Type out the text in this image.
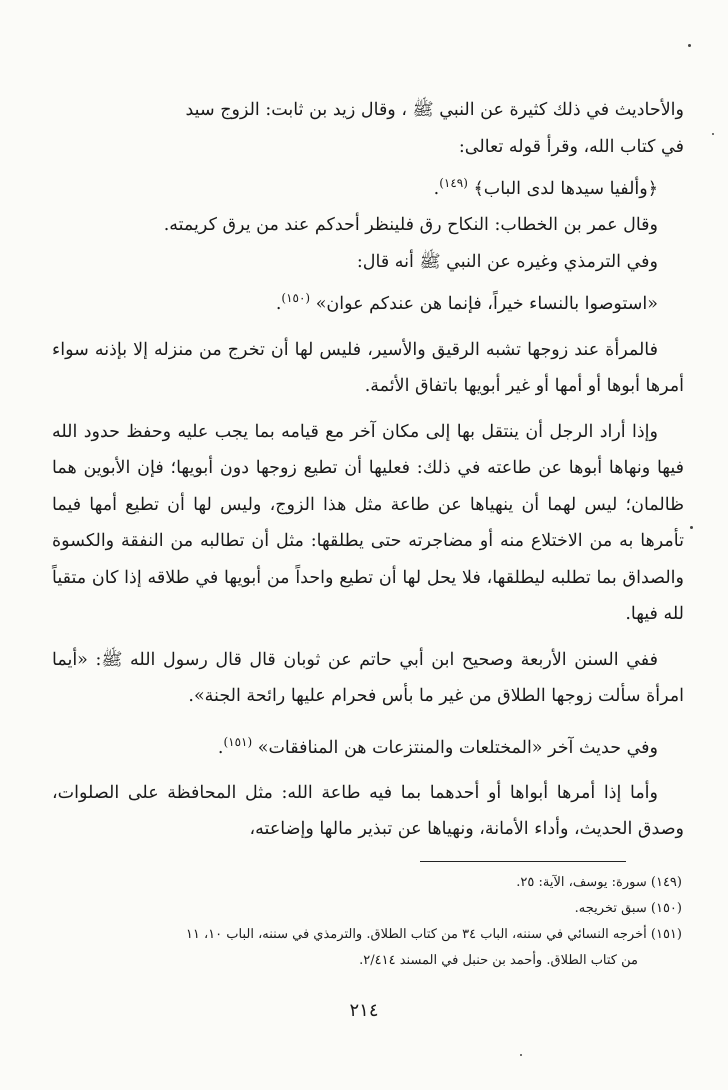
والأحاديث في ذلك كثيرة عن النبي ﷺ ، وقال زيد بن ثابت: الزوج سيد

في كتاب الله، وقرأ قوله تعالى:

﴿وألفيا سيدها لدى الباب﴾ $^{(١٤٩)}$.

وقال عمر بن الخطاب: النكاح رق فلينظر أحدكم عند من يرق كريمته.

وفي الترمذي وغيره عن النبي ﷺ أنه قال:

«استوصوا بالنساء خيراً، فإنما هن عندكم عوان» $^{(١٥٠)}$.

فالمرأة عند زوجها تشبه الرقيق والأسير، فليس لها أن تخرج من منزله إلا بإذنه سواء أمرها أبوها أو أمها أو غير أبويها باتفاق الأئمة.

وإذا أراد الرجل أن ينتقل بها إلى مكان آخر مع قيامه بما يجب عليه وحفظ حدود الله فيها ونهاها أبوها عن طاعته في ذلك: فعليها أن تطيع زوجها دون أبويها؛ فإن الأبوين هما ظالمان؛ ليس لهما أن ينهياها عن طاعة مثل هذا الزوج، وليس لها أن تطيع أمها فيما تأمرها به من الاختلاع منه أو مضاجرته حتى يطلقها: مثل أن تطالبه من النفقة والكسوة والصداق بما تطلبه ليطلقها، فلا يحل لها أن تطيع واحداً من أبويها في طلاقه إذا كان متقياً لله فيها.

ففي السنن الأربعة وصحيح ابن أبي حاتم عن ثوبان قال قال رسول الله ﷺ: «أيما امرأة سألت زوجها الطلاق من غير ما بأس فحرام عليها رائحة الجنة».

وفي حديث آخر «المختلعات والمنتزعات هن المنافقات» $^{(١٥١)}$.

وأما إذا أمرها أبواها أو أحدهما بما فيه طاعة الله: مثل المحافظة على الصلوات، وصدق الحديث، وأداء الأمانة، ونهياها عن تبذير مالها وإضاعته،

(١٤٩) سورة: يوسف، الآية: ٢٥.

(١٥٠) سبق تخريجه.

(١٥١) أخرجه النسائي في سننه، الباب ٣٤ من كتاب الطلاق. والترمذي في سننه، الباب ١٠، ١١

من كتاب الطلاق. وأحمد بن حنبل في المسند ٢/٤١٤.

٢١٤
